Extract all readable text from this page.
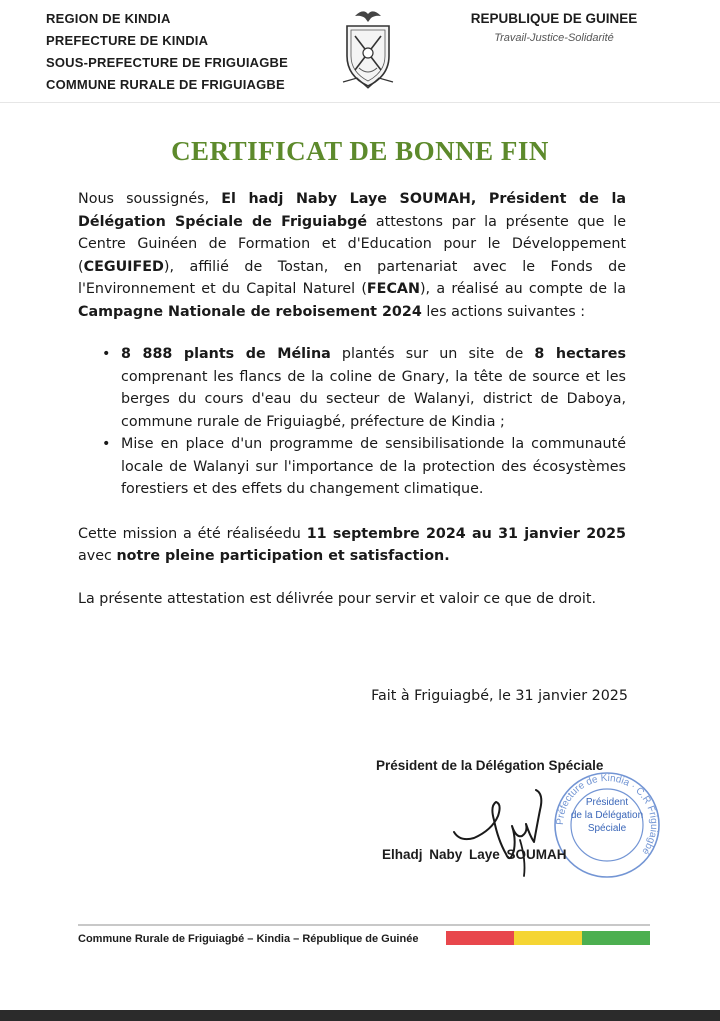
REGION DE KINDIA
PREFECTURE DE KINDIA
SOUS-PREFECTURE DE FRIGUIAGBE
COMMUNE RURALE DE FRIGUIAGBE
REPUBLIQUE DE GUINEE
Travail-Justice-Solidarité
CERTIFICAT DE BONNE FIN

Nous soussignés, El hadj Naby Laye SOUMAH, Président de la Délégation Spéciale de Friguiabgé attestons par la présente que le Centre Guinéen de Formation et d'Education pour le Développement (CEGUIFED), affilié de Tostan, en partenariat avec le Fonds de l'Environnement et du Capital Naturel (FECAN), a réalisé au compte de la Campagne Nationale de reboisement 2024 les actions suivantes :

• 8 888 plants de Mélina plantés sur un site de 8 hectares comprenant les flancs de la coline de Gnary, la tête de source et les berges du cours d'eau du secteur de Walanyi, district de Daboya, commune rurale de Friguiagbé, préfecture de Kindia ;
• Mise en place d'un programme de sensibilisationde la communauté locale de Walanyi sur l'importance de la protection des écosystèmes forestiers et des effets du changement climatique.

Cette mission a été réaliséedu 11 septembre 2024 au 31 janvier 2025 avec notre pleine participation et satisfaction.

La présente attestation est délivrée pour servir et valoir ce que de droit.

Fait à Friguiagbé, le 31 janvier 2025
Président de la Délégation Spéciale
Préfecture de Kindia · C.R Friguiagbé
Président
de la Délégation
Spéciale
Elhadj Naby Laye SOUMAH
Commune Rurale de Friguiagbé – Kindia – République de Guinée
